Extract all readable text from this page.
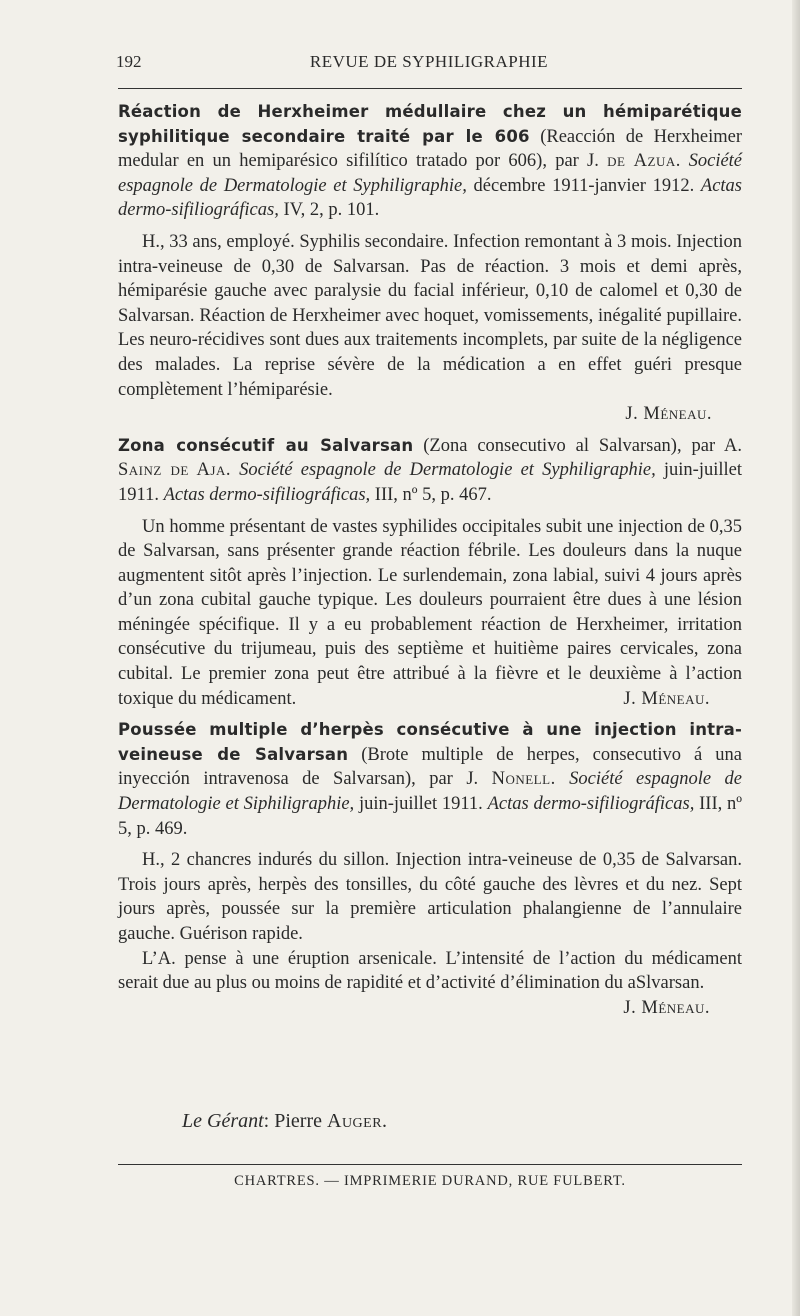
192	REVUE DE SYPHILIGRAPHIE

Réaction de Herxheimer médullaire chez un hémiparétique syphilitique secondaire traité par le 606 (Reacción de Herxheimer medular en un hemiparésico sifilítico tratado por 606), par J. de Azua. Société espagnole de Dermatologie et Syphiligraphie, décembre 1911-janvier 1912. Actas dermo-sifiliográficas, IV, 2, p. 101.

H., 33 ans, employé. Syphilis secondaire. Infection remontant à 3 mois. Injection intra-veineuse de 0,30 de Salvarsan. Pas de réaction. 3 mois et demi après, hémiparésie gauche avec paralysie du facial inférieur, 0,10 de calomel et 0,30 de Salvarsan. Réaction de Herxheimer avec hoquet, vomissements, inégalité pupillaire. Les neuro-récidives sont dues aux traitements incomplets, par suite de la négligence des malades. La reprise sévère de la médication a en effet guéri presque complètement l’hémiparésie.

J. Méneau.

Zona consécutif au Salvarsan (Zona consecutivo al Salvarsan), par A. Sainz de Aja. Société espagnole de Dermatologie et Syphiligraphie, juin-juillet 1911. Actas dermo-sifiliográficas, III, nº 5, p. 467.

Un homme présentant de vastes syphilides occipitales subit une injection de 0,35 de Salvarsan, sans présenter grande réaction fébrile. Les douleurs dans la nuque augmentent sitôt après l’injection. Le surlendemain, zona labial, suivi 4 jours après d’un zona cubital gauche typique. Les douleurs pourraient être dues à une lésion méningée spécifique. Il y a eu probablement réaction de Herxheimer, irritation consécutive du trijumeau, puis des septième et huitième paires cervicales, zona cubital. Le premier zona peut être attribué à la fièvre et le deuxième à l’action toxique du médicament.	J. Méneau.

Poussée multiple d’herpès consécutive à une injection intra-veineuse de Salvarsan (Brote multiple de herpes, consecutivo á una inyección intravenosa de Salvarsan), par J. Nonell. Société espagnole de Dermatologie et Siphiligraphie, juin-juillet 1911. Actas dermo-sifiliográficas, III, nº 5, p. 469.

H., 2 chancres indurés du sillon. Injection intra-veineuse de 0,35 de Salvarsan. Trois jours après, herpès des tonsilles, du côté gauche des lèvres et du nez. Sept jours après, poussée sur la première articulation phalangienne de l’annulaire gauche. Guérison rapide.

L’A. pense à une éruption arsenicale. L’intensité de l’action du médicament serait due au plus ou moins de rapidité et d’activité d’élimination du aSlvarsan.
J. Méneau.

Le Gérant: Pierre Auger.
CHARTRES. — IMPRIMERIE DURAND, RUE FULBERT.
